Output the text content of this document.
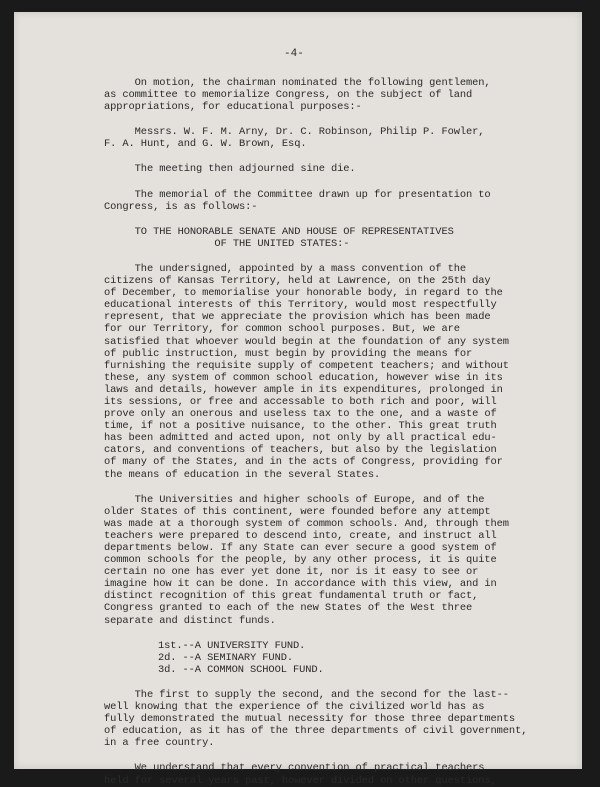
-4-
On motion, the chairman nominated the following gentlemen,
as committee to memorialize Congress, on the subject of land
appropriations, for educational purposes:-
Messrs. W. F. M. Arny, Dr. C. Robinson, Philip P. Fowler,
F. A. Hunt, and G. W. Brown, Esq.
The meeting then adjourned sine die.
The memorial of the Committee drawn up for presentation to
Congress, is as follows:-
TO THE HONORABLE SENATE AND HOUSE OF REPRESENTATIVES
OF THE UNITED STATES:-
The undersigned, appointed by a mass convention of the
citizens of Kansas Territory, held at Lawrence, on the 25th day
of December, to memorialise your honorable body, in regard to the
educational interests of this Territory, would most respectfully
represent, that we appreciate the provision which has been made
for our Territory, for common school purposes. But, we are
satisfied that whoever would begin at the foundation of any system
of public instruction, must begin by providing the means for
furnishing the requisite supply of competent teachers; and without
these, any system of common school education, however wise in its
laws and details, however ample in its expenditures, prolonged in
its sessions, or free and accessable to both rich and poor, will
prove only an onerous and useless tax to the one, and a waste of
time, if not a positive nuisance, to the other. This great truth
has been admitted and acted upon, not only by all practical edu-
cators, and conventions of teachers, but also by the legislation
of many of the States, and in the acts of Congress, providing for
the means of education in the several States.
The Universities and higher schools of Europe, and of the
older States of this continent, were founded before any attempt
was made at a thorough system of common schools. And, through them
teachers were prepared to descend into, create, and instruct all
departments below. If any State can ever secure a good system of
common schools for the people, by any other process, it is quite
certain no one has ever yet done it, nor is it easy to see or
imagine how it can be done. In accordance with this view, and in
distinct recognition of this great fundamental truth or fact,
Congress granted to each of the new States of the West three
separate and distinct funds.
1st.--A UNIVERSITY FUND.
2d. --A SEMINARY FUND.
3d. --A COMMON SCHOOL FUND.
The first to supply the second, and the second for the last--
well knowing that the experience of the civilized world has as
fully demonstrated the mutual necessity for those three departments
of education, as it has of the three departments of civil government,
in a free country.
We understand that every convention of practical teachers
held for several years past, however divided on other questions,
